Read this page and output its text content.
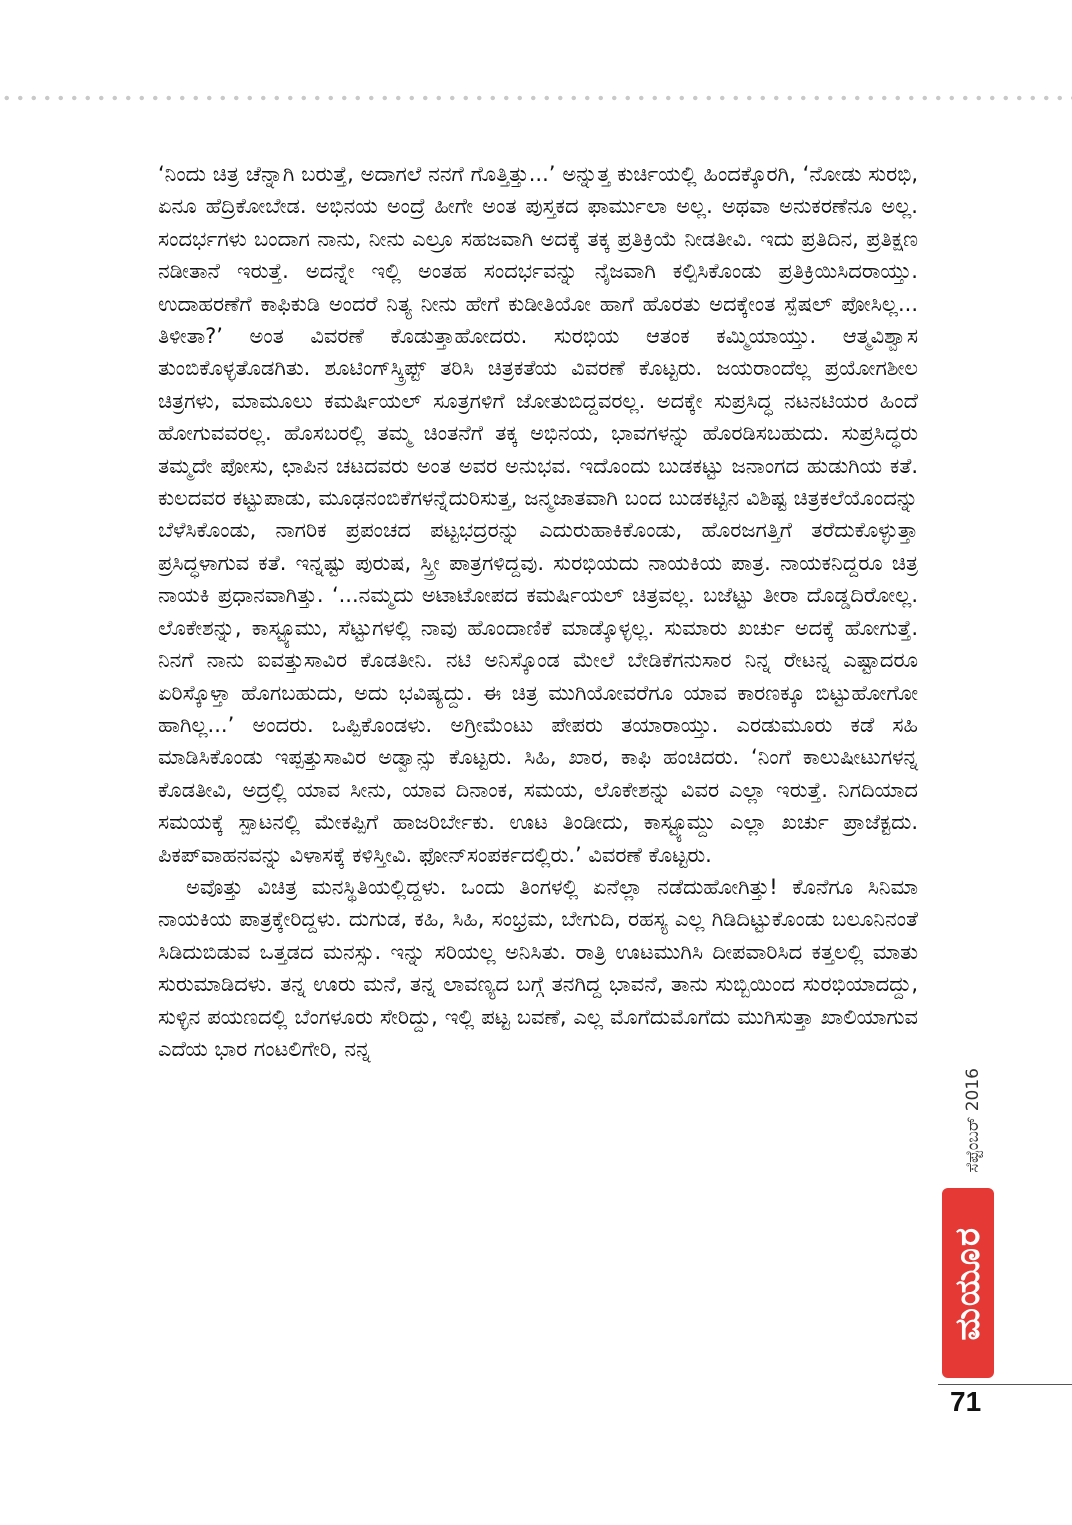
‘ನಿಂದು ಚಿತ್ರ ಚೆನ್ನಾಗಿ ಬರುತ್ತೆ, ಅದಾಗಲೆ ನನಗೆ ಗೊತ್ತಿತ್ತು...’ ಅನ್ನುತ್ತ ಕುರ್ಚಿಯಲ್ಲಿ ಹಿಂದಕ್ಕೊರಗಿ, ‘ನೋಡು ಸುರಭಿ, ಏನೂ ಹೆದ್ರಿಕೋಬೇಡ. ಅಭಿನಯ ಅಂದ್ರೆ ಹೀಗೇ ಅಂತ ಪುಸ್ತಕದ ಫಾರ್ಮುಲಾ ಅಲ್ಲ. ಅಥವಾ ಅನುಕರಣೆನೂ ಅಲ್ಲ. ಸಂದರ್ಭಗಳು ಬಂದಾಗ ನಾನು, ನೀನು ಎಲ್ರೂ ಸಹಜವಾಗಿ ಅದಕ್ಕೆ ತಕ್ಕ ಪ್ರತಿಕ್ರಿಯೆ ನೀಡತೀವಿ. ಇದು ಪ್ರತಿದಿನ, ಪ್ರತಿಕ್ಷಣ ನಡೀತಾನೆ ಇರುತ್ತೆ. ಅದನ್ನೇ ಇಲ್ಲಿ ಅಂತಹ ಸಂದರ್ಭವನ್ನು ನೈಜವಾಗಿ ಕಲ್ಪಿಸಿಕೊಂಡು ಪ್ರತಿಕ್ರಿಯಿಸಿದರಾಯ್ತು. ಉದಾಹರಣೆಗೆ ಕಾಫಿಕುಡಿ ಅಂದರೆ ನಿತ್ಯ ನೀನು ಹೇಗೆ ಕುಡೀತಿಯೋ ಹಾಗೆ ಹೊರತು ಅದಕ್ಕೇಂತ ಸ್ಪೆಷಲ್ ಪೋಸಿಲ್ಲ... ತಿಳೀತಾ?’ ಅಂತ ವಿವರಣೆ ಕೊಡುತ್ತಾಹೋದರು. ಸುರಭಿಯ ಆತಂಕ ಕಮ್ಮಿಯಾಯ್ತು. ಆತ್ಮವಿಶ್ವಾಸ ತುಂಬಿಕೊಳ್ಳತೊಡಗಿತು. ಶೂಟಿಂಗ್‌ಸ್ಕ್ರಿಪ್ಟ್ ತರಿಸಿ ಚಿತ್ರಕತೆಯ ವಿವರಣೆ ಕೊಟ್ಟರು. ಜಯರಾಂದೆಲ್ಲ ಪ್ರಯೋಗಶೀಲ ಚಿತ್ರಗಳು, ಮಾಮೂಲು ಕಮರ್ಷಿಯಲ್ ಸೂತ್ರಗಳಿಗೆ ಜೋತುಬಿದ್ದವರಲ್ಲ. ಅದಕ್ಕೇ ಸುಪ್ರಸಿದ್ಧ ನಟನಟಿಯರ ಹಿಂದೆ ಹೋಗುವವರಲ್ಲ. ಹೊಸಬರಲ್ಲಿ ತಮ್ಮ ಚಿಂತನೆಗೆ ತಕ್ಕ ಅಭಿನಯ, ಭಾವಗಳನ್ನು ಹೊರಡಿಸಬಹುದು. ಸುಪ್ರಸಿದ್ಧರು ತಮ್ಮದೇ ಪೋಸು, ಛಾಪಿನ ಚಟದವರು ಅಂತ ಅವರ ಅನುಭವ. ಇದೊಂದು ಬುಡಕಟ್ಟು ಜನಾಂಗದ ಹುಡುಗಿಯ ಕತೆ. ಕುಲದವರ ಕಟ್ಟುಪಾಡು, ಮೂಢನಂಬಿಕೆಗಳನ್ನೆದುರಿಸುತ್ತ, ಜನ್ಮಜಾತವಾಗಿ ಬಂದ ಬುಡಕಟ್ಟಿನ ವಿಶಿಷ್ಟ ಚಿತ್ರಕಲೆಯೊಂದನ್ನು ಬೆಳೆಸಿಕೊಂಡು, ನಾಗರಿಕ ಪ್ರಪಂಚದ ಪಟ್ಟಭದ್ರರನ್ನು ಎದುರುಹಾಕಿಕೊಂಡು, ಹೊರಜಗತ್ತಿಗೆ ತರೆದುಕೊಳ್ಳುತ್ತಾ ಪ್ರಸಿದ್ಧಳಾಗುವ ಕತೆ. ಇನ್ನಷ್ಟು ಪುರುಷ, ಸ್ತ್ರೀ ಪಾತ್ರಗಳಿದ್ದವು. ಸುರಭಿಯದು ನಾಯಕಿಯ ಪಾತ್ರ. ನಾಯಕನಿದ್ದರೂ ಚಿತ್ರ ನಾಯಕಿ ಪ್ರಧಾನವಾಗಿತ್ತು. ‘...ನಮ್ಮದು ಅಟಾಟೋಪದ ಕಮರ್ಷಿಯಲ್ ಚಿತ್ರವಲ್ಲ. ಬಜೆಟ್ಟು ತೀರಾ ದೊಡ್ಡದಿರೋಲ್ಲ. ಲೊಕೇಶನ್ನು, ಕಾಸ್ಟ್ಯೂಮು, ಸೆಟ್ಟುಗಳಲ್ಲಿ ನಾವು ಹೊಂದಾಣಿಕೆ ಮಾಡ್ಕೊಳ್ಳಲ್ಲ. ಸುಮಾರು ಖರ್ಚು ಅದಕ್ಕೆ ಹೋಗುತ್ತೆ. ನಿನಗೆ ನಾನು ಐವತ್ತುಸಾವಿರ ಕೊಡತೀನಿ. ನಟಿ ಅನಿಸ್ಕೊಂಡ ಮೇಲೆ ಬೇಡಿಕೆಗನುಸಾರ ನಿನ್ನ ರೇಟನ್ನ ಎಷ್ಟಾದರೂ ಏರಿಸ್ಕೊಳ್ತಾ ಹೊಗಬಹುದು, ಅದು ಭವಿಷ್ಯದ್ದು. ಈ ಚಿತ್ರ ಮುಗಿಯೋವರೆಗೂ ಯಾವ ಕಾರಣಕ್ಕೂ ಬಿಟ್ಟುಹೋಗೋ ಹಾಗಿಲ್ಲ...’ ಅಂದರು. ಒಪ್ಪಿಕೊಂಡಳು. ಅಗ್ರೀಮೆಂಟು ಪೇಪರು ತಯಾರಾಯ್ತು. ಎರಡುಮೂರು ಕಡೆ ಸಹಿ ಮಾಡಿಸಿಕೊಂಡು ಇಪ್ಪತ್ತುಸಾವಿರ ಅಡ್ವಾನ್ಸು ಕೊಟ್ಟರು. ಸಿಹಿ, ಖಾರ, ಕಾಫಿ ಹಂಚಿದರು. ‘ನಿಂಗೆ ಕಾಲುಷೀಟುಗಳನ್ನ ಕೊಡತೀವಿ, ಅದ್ರಲ್ಲಿ ಯಾವ ಸೀನು, ಯಾವ ದಿನಾಂಕ, ಸಮಯ, ಲೊಕೇಶನ್ನು ವಿವರ ಎಲ್ಲಾ ಇರುತ್ತೆ. ನಿಗದಿಯಾದ ಸಮಯಕ್ಕೆ ಸ್ಪಾಟನಲ್ಲಿ ಮೇಕಪ್ಪಿಗೆ ಹಾಜರಿರ್ಬೇಕು. ಊಟ ತಿಂಡೀದು, ಕಾಸ್ಟ್ಯೂಮ್ದು ಎಲ್ಲಾ ಖರ್ಚು ಪ್ರಾಜೆಕ್ಟದು. ಪಿಕಪ್‌ವಾಹನವನ್ನು ವಿಳಾಸಕ್ಕೆ ಕಳಿಸ್ತೀವಿ. ಫೋನ್‌ಸಂಪರ್ಕದಲ್ಲಿರು.’ ವಿವರಣೆ ಕೊಟ್ಟರು.

ಅವೊತ್ತು ವಿಚಿತ್ರ ಮನಸ್ಥಿತಿಯಲ್ಲಿದ್ದಳು. ಒಂದು ತಿಂಗಳಲ್ಲಿ ಏನೆಲ್ಲಾ ನಡೆದುಹೋಗಿತ್ತು! ಕೊನೆಗೂ ಸಿನಿಮಾ ನಾಯಕಿಯ ಪಾತ್ರಕ್ಕೇರಿದ್ದಳು. ದುಗುಡ, ಕಹಿ, ಸಿಹಿ, ಸಂಭ್ರಮ, ಬೇಗುದಿ, ರಹಸ್ಯ ಎಲ್ಲ ಗಿಡಿದಿಟ್ಟುಕೊಂಡು ಬಲೂನಿನಂತೆ ಸಿಡಿದುಬಿಡುವ ಒತ್ತಡದ ಮನಸ್ಸು. ಇನ್ನು ಸರಿಯಲ್ಲ ಅನಿಸಿತು. ರಾತ್ರಿ ಊಟಮುಗಿಸಿ ದೀಪವಾರಿಸಿದ ಕತ್ತಲಲ್ಲಿ ಮಾತು ಸುರುಮಾಡಿದಳು. ತನ್ನ ಊರು ಮನೆ, ತನ್ನ ಲಾವಣ್ಯದ ಬಗ್ಗೆ ತನಗಿದ್ದ ಭಾವನೆ, ತಾನು ಸುಬ್ಬಿಯಿಂದ ಸುರಭಿಯಾದದ್ದು, ಸುಳ್ಳಿನ ಪಯಣದಲ್ಲಿ ಬೆಂಗಳೂರು ಸೇರಿದ್ದು, ಇಲ್ಲಿ ಪಟ್ಟ ಬವಣೆ, ಎಲ್ಲ ಮೊಗೆದುಮೊಗೆದು ಮುಗಿಸುತ್ತಾ ಖಾಲಿಯಾಗುವ ಎದೆಯ ಭಾರ ಗಂಟಲಿಗೇರಿ, ನನ್ನ

ಸೆಪ್ಟೆಂಬರ್ 2016
ಮಯೂರ
71
